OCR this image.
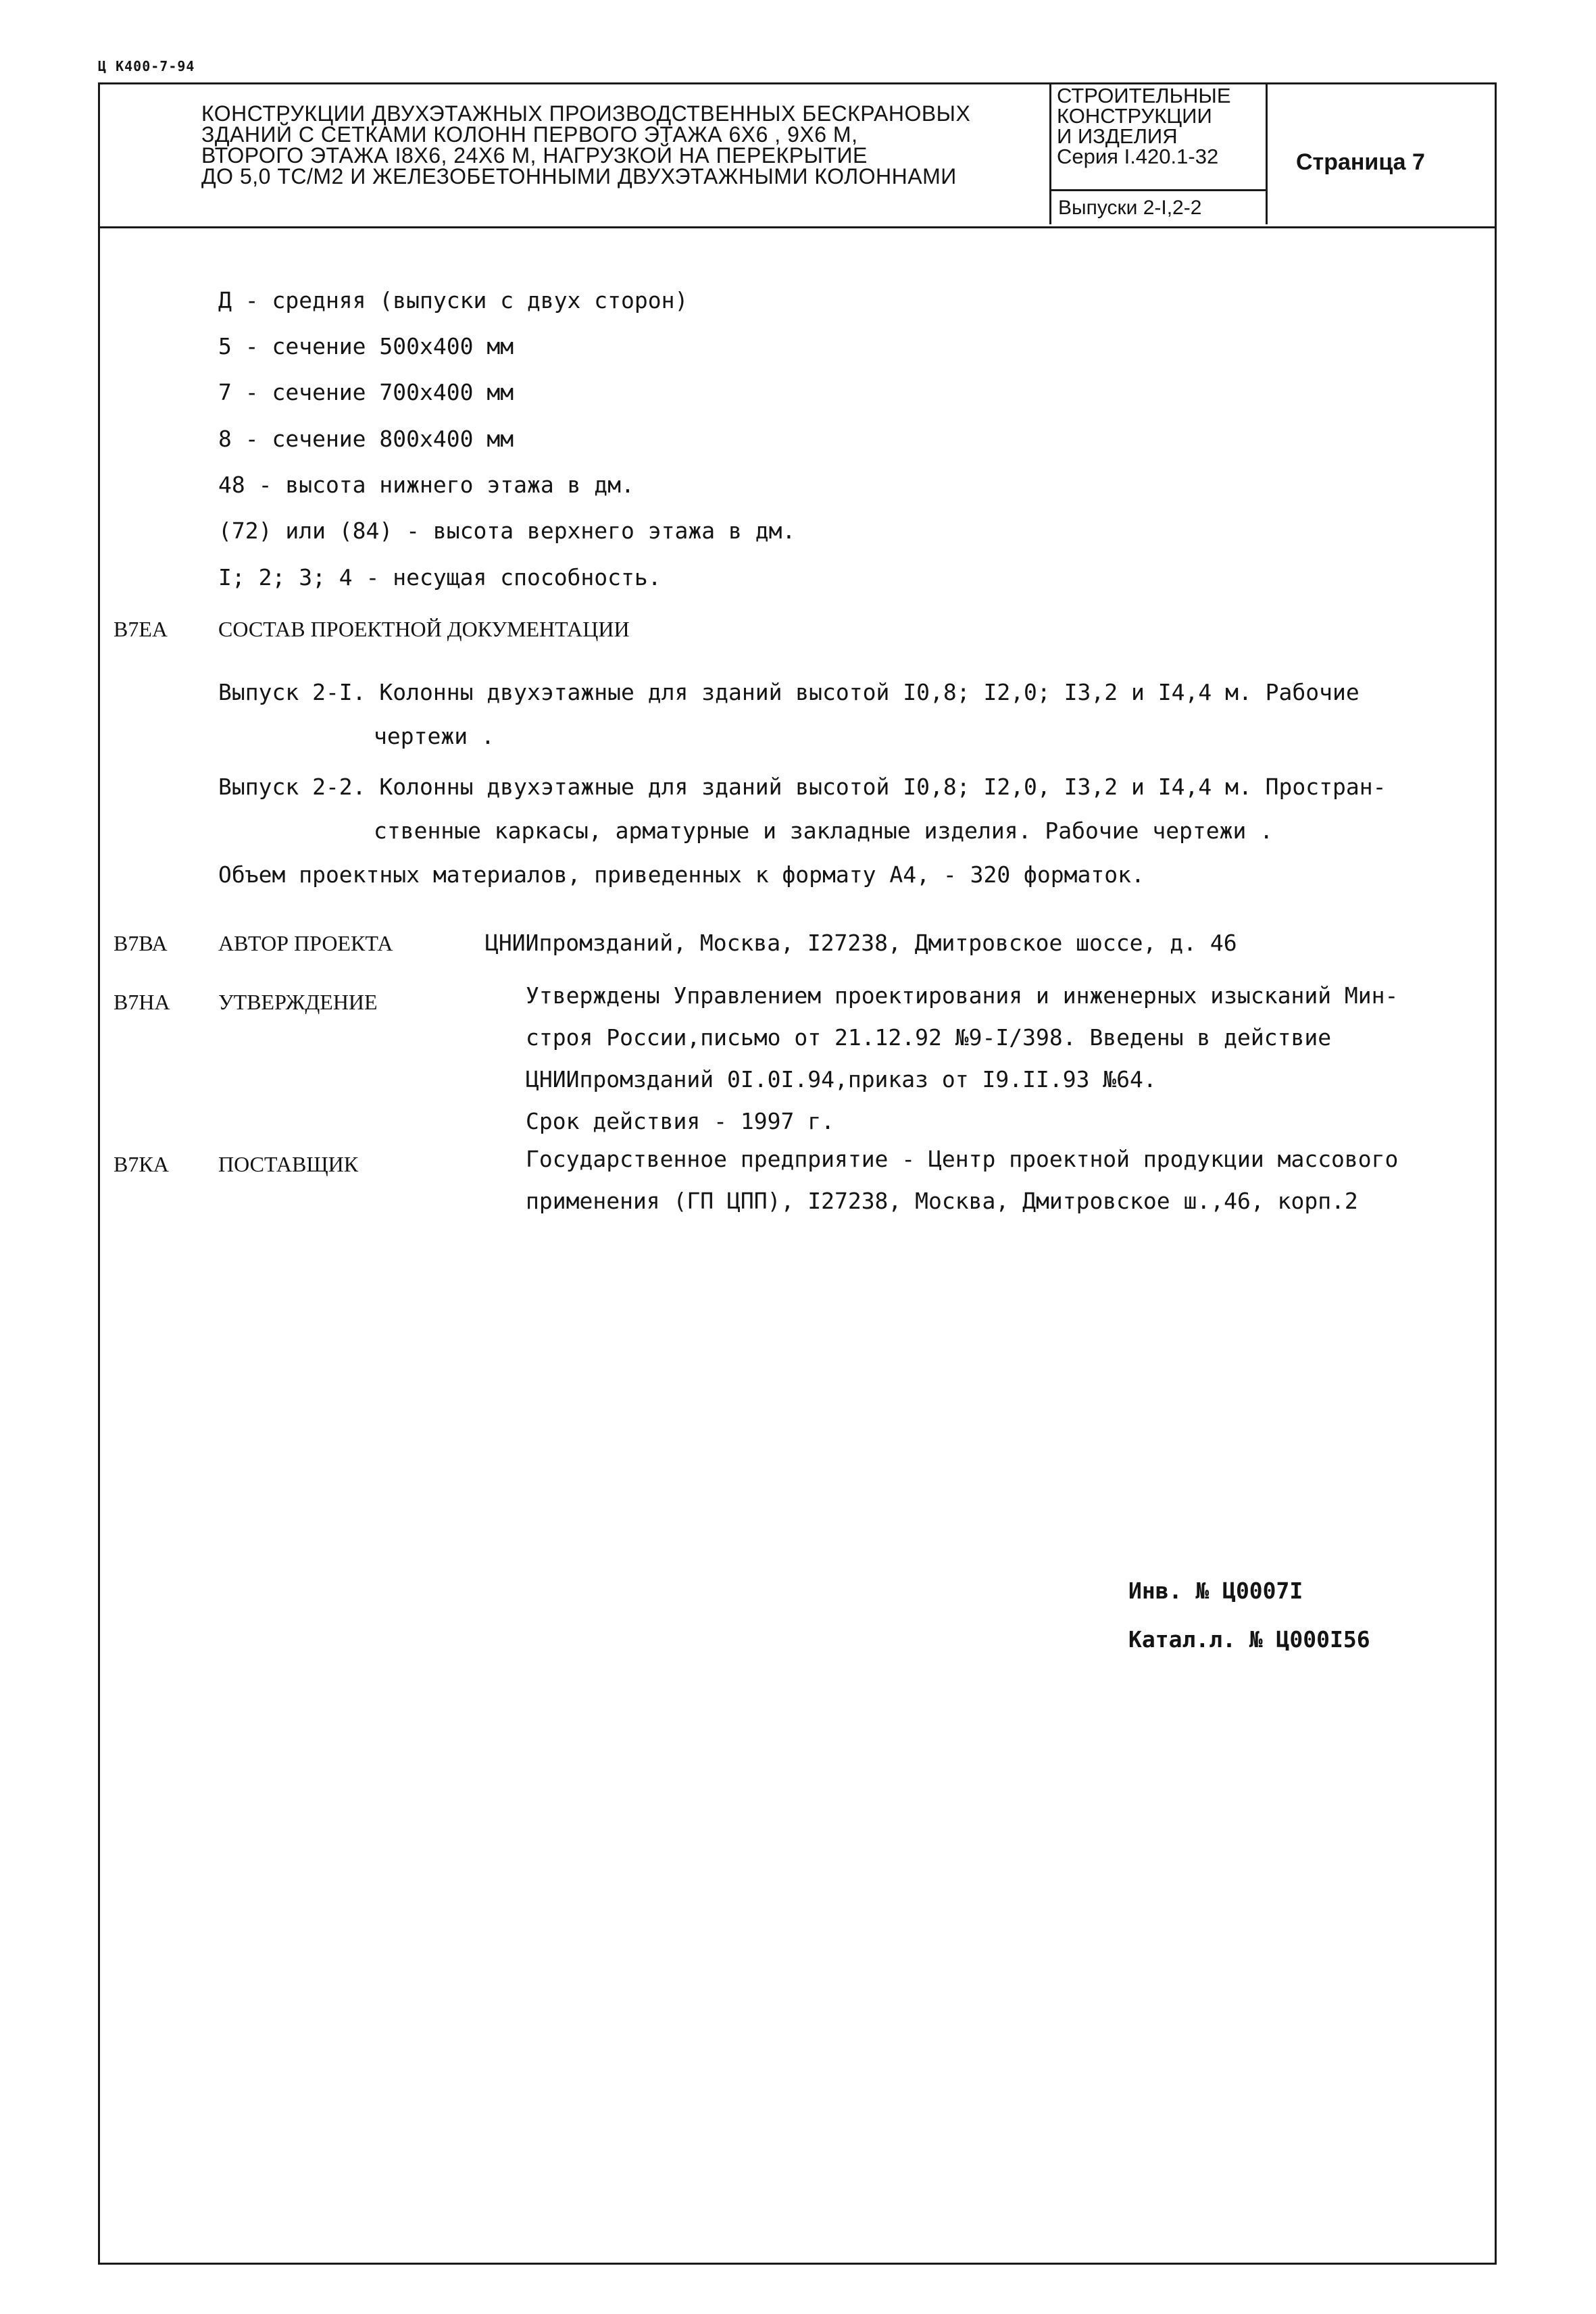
Ц К400-7-94
КОНСТРУКЦИИ ДВУХЭТАЖНЫХ ПРОИЗВОДСТВЕННЫХ БЕСКРАНОВЫХ
ЗДАНИЙ С СЕТКАМИ КОЛОНН ПЕРВОГО ЭТАЖА 6X6 , 9X6 М,
ВТОРОГО ЭТАЖА I8X6, 24X6 М, НАГРУЗКОЙ НА ПЕРЕКРЫТИЕ
ДО 5,0 ТС/М2 И ЖЕЛЕЗОБЕТОННЫМИ ДВУХЭТАЖНЫМИ КОЛОННАМИ
СТРОИТЕЛЬНЫЕ
КОНСТРУКЦИИ
И ИЗДЕЛИЯ
Серия I.420.1-32
Выпуски 2-I,2-2
Страница 7
Д - средняя (выпуски с двух сторон)
5 - сечение 500x400 мм
7 - сечение 700x400 мм
8 - сечение 800x400 мм
48 - высота нижнего этажа в дм.
(72) или (84) - высота верхнего этажа в дм.
I; 2; 3; 4 - несущая способность.
В7ЕА СОСТАВ ПРОЕКТНОЙ ДОКУМЕНТАЦИИ
Выпуск 2-I. Колонны двухэтажные для зданий высотой I0,8; I2,0; I3,2 и I4,4 м. Рабочие
чертежи .
Выпуск 2-2. Колонны двухэтажные для зданий высотой I0,8; I2,0, I3,2 и I4,4 м. Простран-
ственные каркасы, арматурные и закладные изделия. Рабочие чертежи .
Объем проектных материалов, приведенных к формату А4, - 320 форматок.
В7ВА АВТОР ПРОЕКТА	ЦНИИпромзданий, Москва, I27238, Дмитровское шоссе, д. 46
В7НА УТВЕРЖДЕНИЕ	Утверждены Управлением проектирования и инженерных изысканий Мин-
строя России,письмо от 21.12.92 №9-I/398. Введены в действие
ЦНИИпромзданий 0I.0I.94,приказ от I9.II.93 №64.
Срок действия - 1997 г.
В7КА ПОСТАВЩИК	Государственное предприятие - Центр проектной продукции массового
применения (ГП ЦПП), I27238, Москва, Дмитровское ш.,46, корп.2
Инв. № Ц0007I
Катал.л. № Ц000I56
